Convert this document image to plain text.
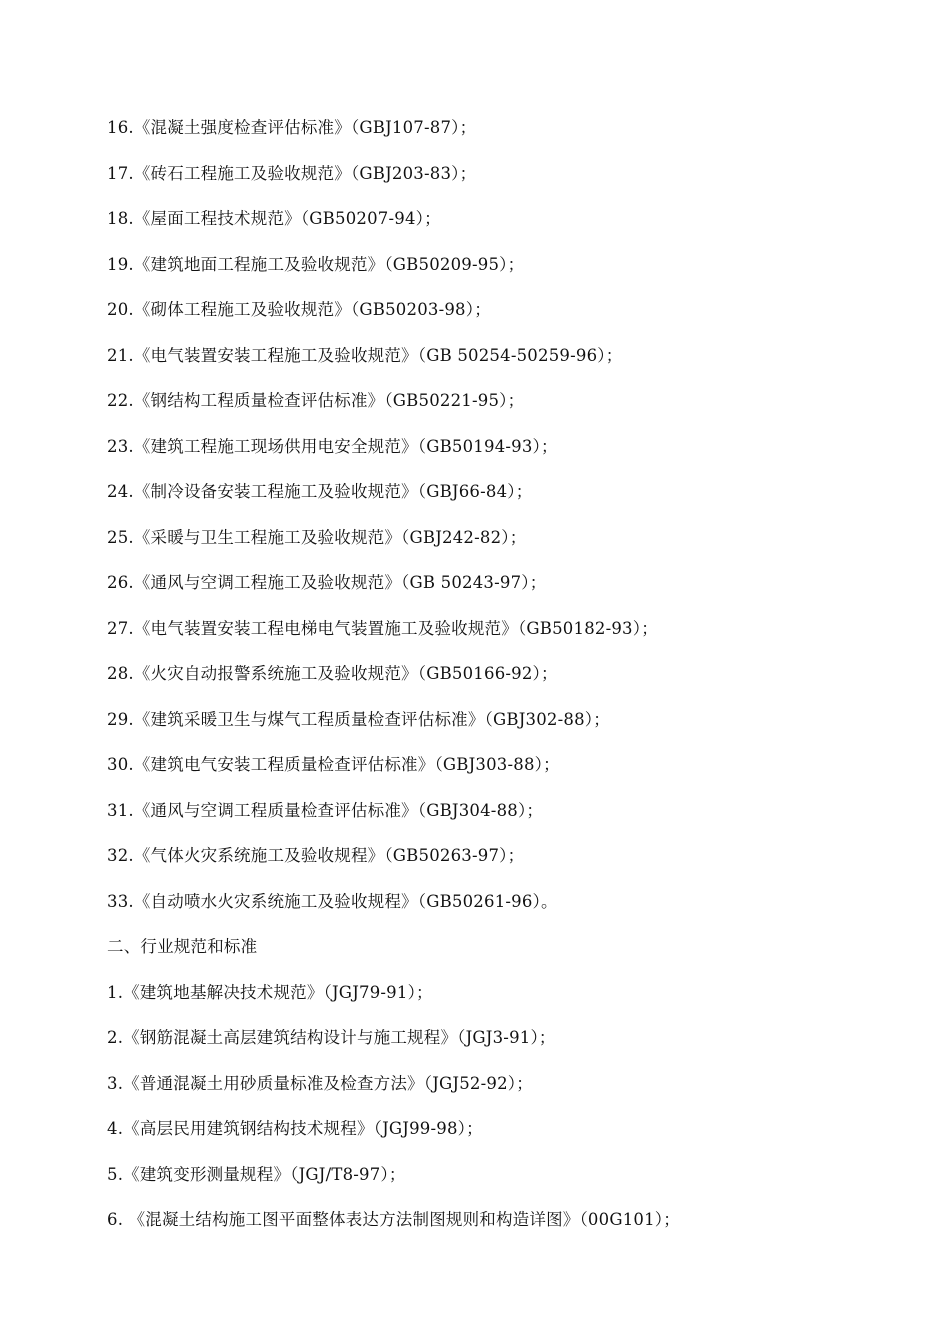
16.《混凝土强度检查评估标准》（GBJ107-87）；
17.《砖石工程施工及验收规范》（GBJ203-83）；
18.《屋面工程技术规范》（GB50207-94）；
19.《建筑地面工程施工及验收规范》（GB50209-95）；
20.《砌体工程施工及验收规范》（GB50203-98）；
21.《电气装置安装工程施工及验收规范》（GB 50254-50259-96）；
22.《钢结构工程质量检查评估标准》（GB50221-95）；
23.《建筑工程施工现场供用电安全规范》（GB50194-93）；
24.《制冷设备安装工程施工及验收规范》（GBJ66-84）；
25.《采暖与卫生工程施工及验收规范》（GBJ242-82）；
26.《通风与空调工程施工及验收规范》（GB 50243-97）；
27.《电气装置安装工程电梯电气装置施工及验收规范》（GB50182-93）；
28.《火灾自动报警系统施工及验收规范》（GB50166-92）；
29.《建筑采暖卫生与煤气工程质量检查评估标准》（GBJ302-88）；
30.《建筑电气安装工程质量检查评估标准》（GBJ303-88）；
31.《通风与空调工程质量检查评估标准》（GBJ304-88）；
32.《气体火灾系统施工及验收规程》（GB50263-97）；
33.《自动喷水火灾系统施工及验收规程》（GB50261-96）。
二、行业规范和标准
1.《建筑地基解决技术规范》（JGJ79-91）；
2.《钢筋混凝土高层建筑结构设计与施工规程》（JGJ3-91）；
3.《普通混凝土用砂质量标准及检查方法》（JGJ52-92）；
4.《高层民用建筑钢结构技术规程》（JGJ99-98）；
5.《建筑变形测量规程》（JGJ/T8-97）；
6. 《混凝土结构施工图平面整体表达方法制图规则和构造详图》（00G101）；
